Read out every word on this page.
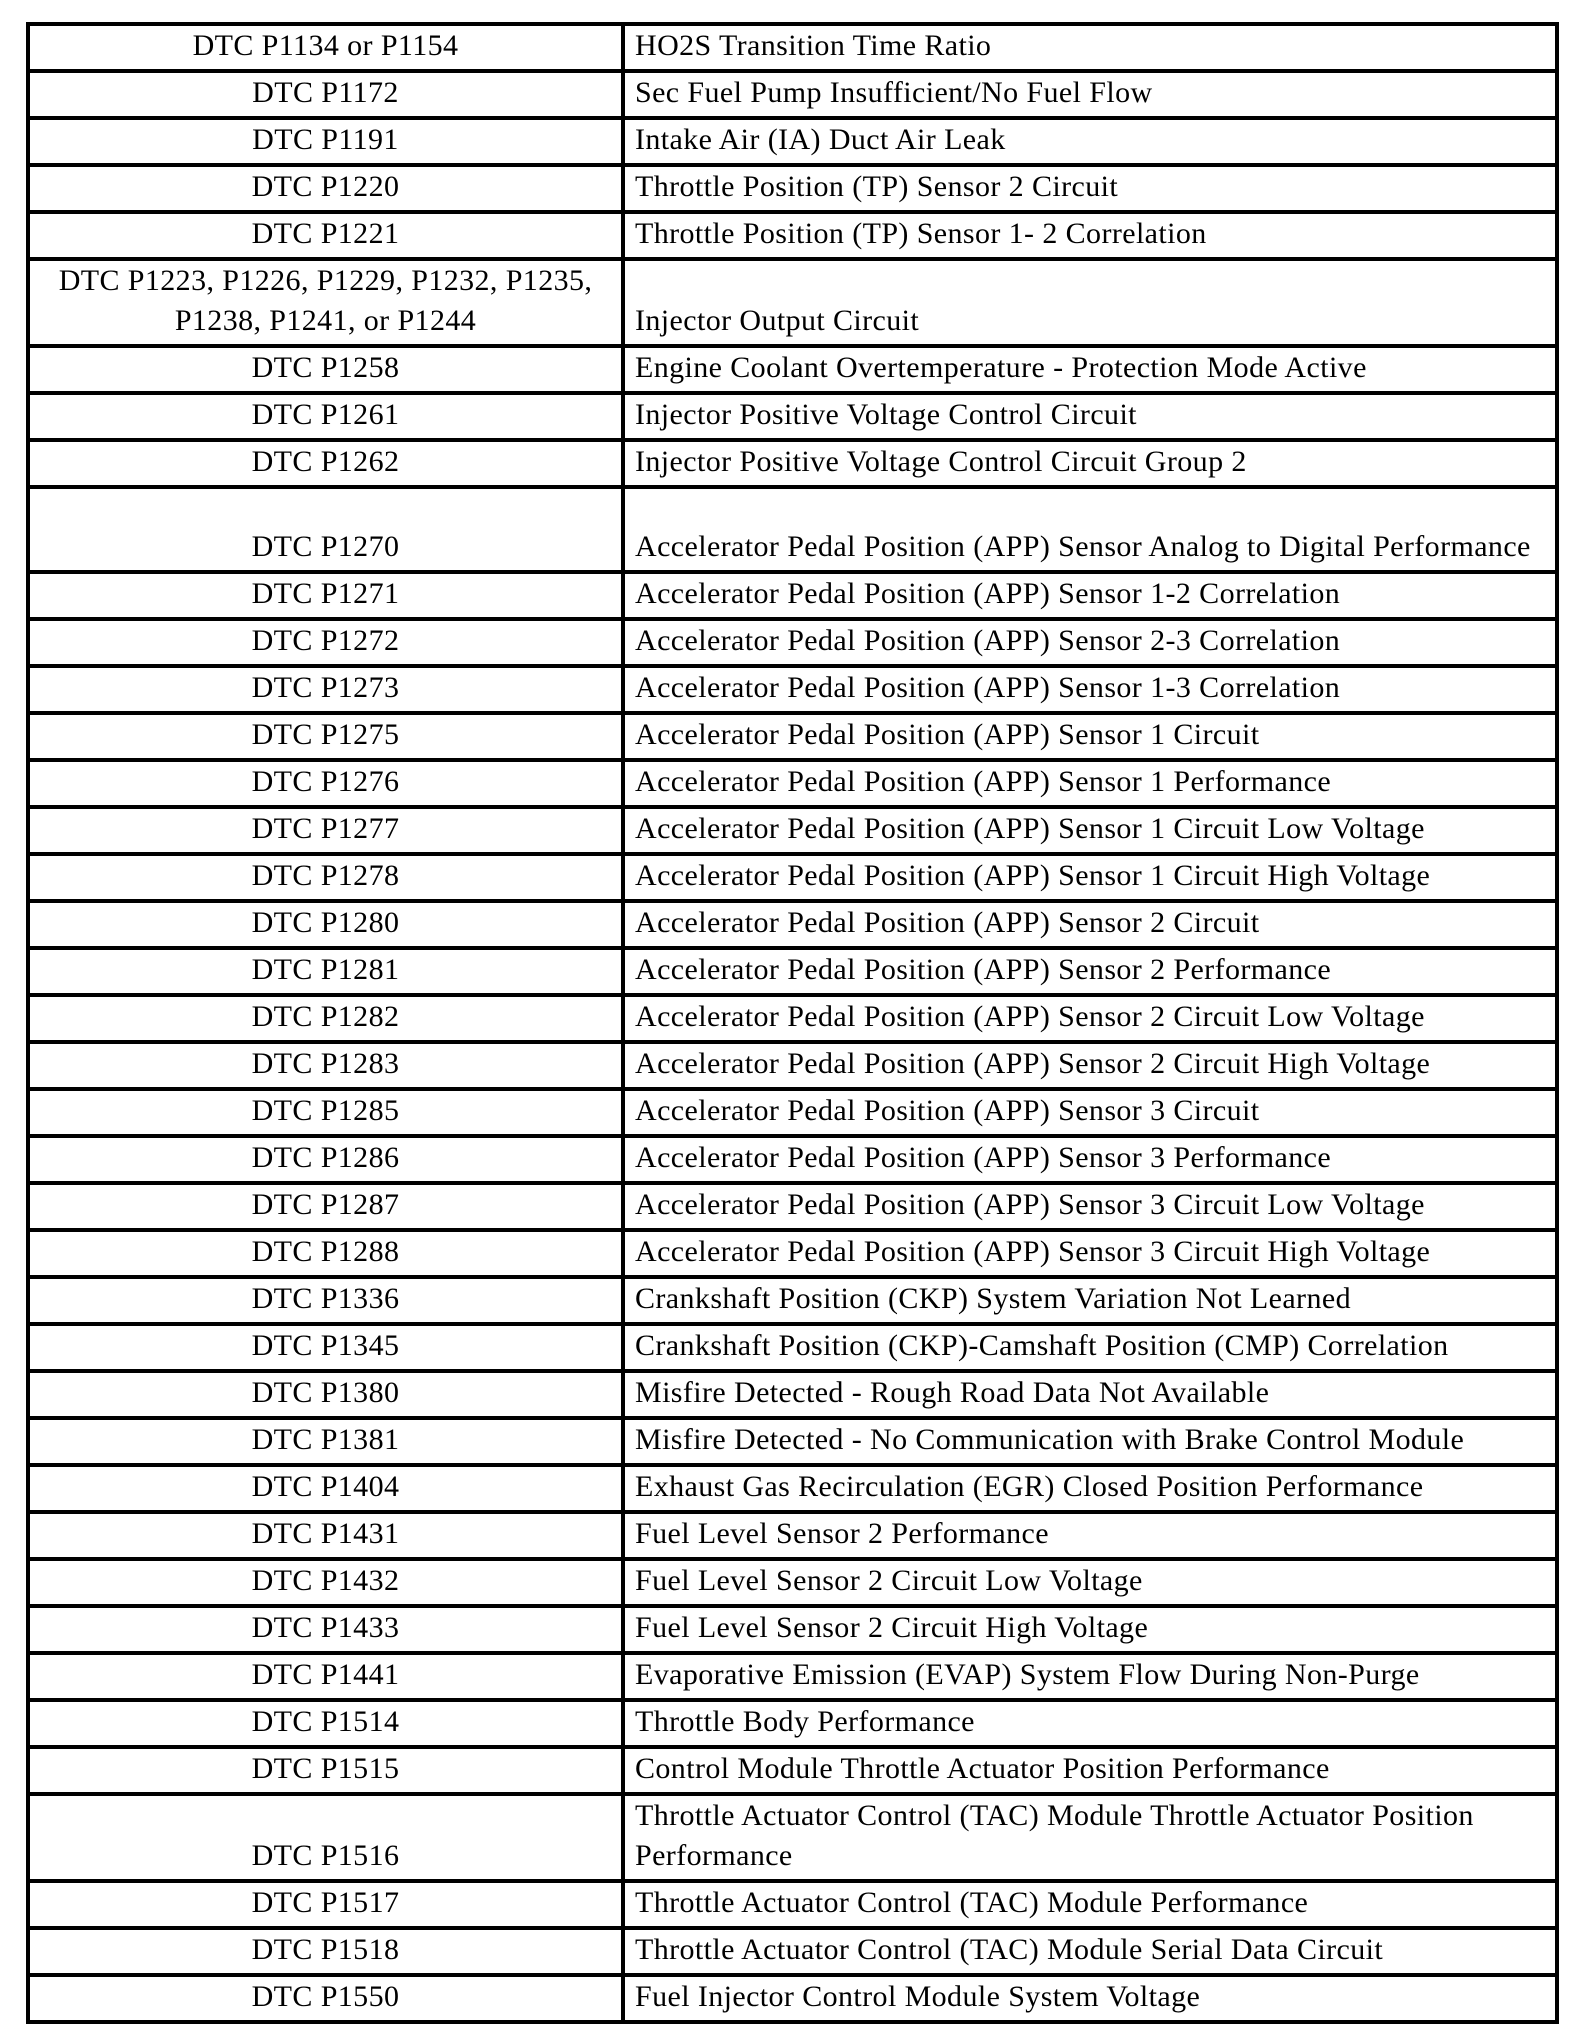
DTC P1134 or P1154	HO2S Transition Time Ratio
DTC P1172	Sec Fuel Pump Insufficient/No Fuel Flow
DTC P1191	Intake Air (IA) Duct Air Leak
DTC P1220	Throttle Position (TP) Sensor 2 Circuit
DTC P1221	Throttle Position (TP) Sensor 1- 2 Correlation
DTC P1223, P1226, P1229, P1232, P1235, P1238, P1241, or P1244	Injector Output Circuit
DTC P1258	Engine Coolant Overtemperature - Protection Mode Active
DTC P1261	Injector Positive Voltage Control Circuit
DTC P1262	Injector Positive Voltage Control Circuit Group 2
DTC P1270	Accelerator Pedal Position (APP) Sensor Analog to Digital Performance
DTC P1271	Accelerator Pedal Position (APP) Sensor 1-2 Correlation
DTC P1272	Accelerator Pedal Position (APP) Sensor 2-3 Correlation
DTC P1273	Accelerator Pedal Position (APP) Sensor 1-3 Correlation
DTC P1275	Accelerator Pedal Position (APP) Sensor 1 Circuit
DTC P1276	Accelerator Pedal Position (APP) Sensor 1 Performance
DTC P1277	Accelerator Pedal Position (APP) Sensor 1 Circuit Low Voltage
DTC P1278	Accelerator Pedal Position (APP) Sensor 1 Circuit High Voltage
DTC P1280	Accelerator Pedal Position (APP) Sensor 2 Circuit
DTC P1281	Accelerator Pedal Position (APP) Sensor 2 Performance
DTC P1282	Accelerator Pedal Position (APP) Sensor 2 Circuit Low Voltage
DTC P1283	Accelerator Pedal Position (APP) Sensor 2 Circuit High Voltage
DTC P1285	Accelerator Pedal Position (APP) Sensor 3 Circuit
DTC P1286	Accelerator Pedal Position (APP) Sensor 3 Performance
DTC P1287	Accelerator Pedal Position (APP) Sensor 3 Circuit Low Voltage
DTC P1288	Accelerator Pedal Position (APP) Sensor 3 Circuit High Voltage
DTC P1336	Crankshaft Position (CKP) System Variation Not Learned
DTC P1345	Crankshaft Position (CKP)-Camshaft Position (CMP) Correlation
DTC P1380	Misfire Detected - Rough Road Data Not Available
DTC P1381	Misfire Detected - No Communication with Brake Control Module
DTC P1404	Exhaust Gas Recirculation (EGR) Closed Position Performance
DTC P1431	Fuel Level Sensor 2 Performance
DTC P1432	Fuel Level Sensor 2 Circuit Low Voltage
DTC P1433	Fuel Level Sensor 2 Circuit High Voltage
DTC P1441	Evaporative Emission (EVAP) System Flow During Non-Purge
DTC P1514	Throttle Body Performance
DTC P1515	Control Module Throttle Actuator Position Performance
DTC P1516	Throttle Actuator Control (TAC) Module Throttle Actuator Position Performance
DTC P1517	Throttle Actuator Control (TAC) Module Performance
DTC P1518	Throttle Actuator Control (TAC) Module Serial Data Circuit
DTC P1550	Fuel Injector Control Module System Voltage
